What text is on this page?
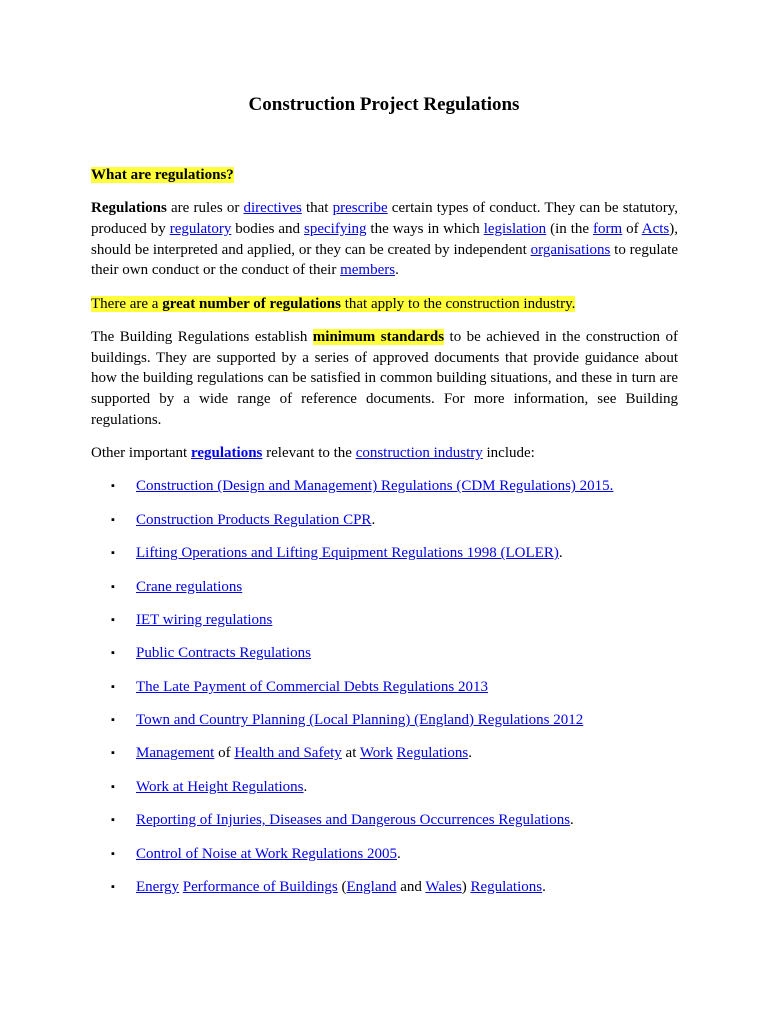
Construction Project Regulations

What are regulations?

Regulations are rules or directives that prescribe certain types of conduct. They can be statutory, produced by regulatory bodies and specifying the ways in which legislation (in the form of Acts), should be interpreted and applied, or they can be created by independent organisations to regulate their own conduct or the conduct of their members.

There are a great number of regulations that apply to the construction industry.

The Building Regulations establish minimum standards to be achieved in the construction of buildings. They are supported by a series of approved documents that provide guidance about how the building regulations can be satisfied in common building situations, and these in turn are supported by a wide range of reference documents. For more information, see Building regulations.

Other important regulations relevant to the construction industry include:

▪ Construction (Design and Management) Regulations (CDM Regulations) 2015.
▪ Construction Products Regulation CPR.
▪ Lifting Operations and Lifting Equipment Regulations 1998 (LOLER).
▪ Crane regulations
▪ IET wiring regulations
▪ Public Contracts Regulations
▪ The Late Payment of Commercial Debts Regulations 2013
▪ Town and Country Planning (Local Planning) (England) Regulations 2012
▪ Management of Health and Safety at Work Regulations.
▪ Work at Height Regulations.
▪ Reporting of Injuries, Diseases and Dangerous Occurrences Regulations.
▪ Control of Noise at Work Regulations 2005.
▪ Energy Performance of Buildings (England and Wales) Regulations.
